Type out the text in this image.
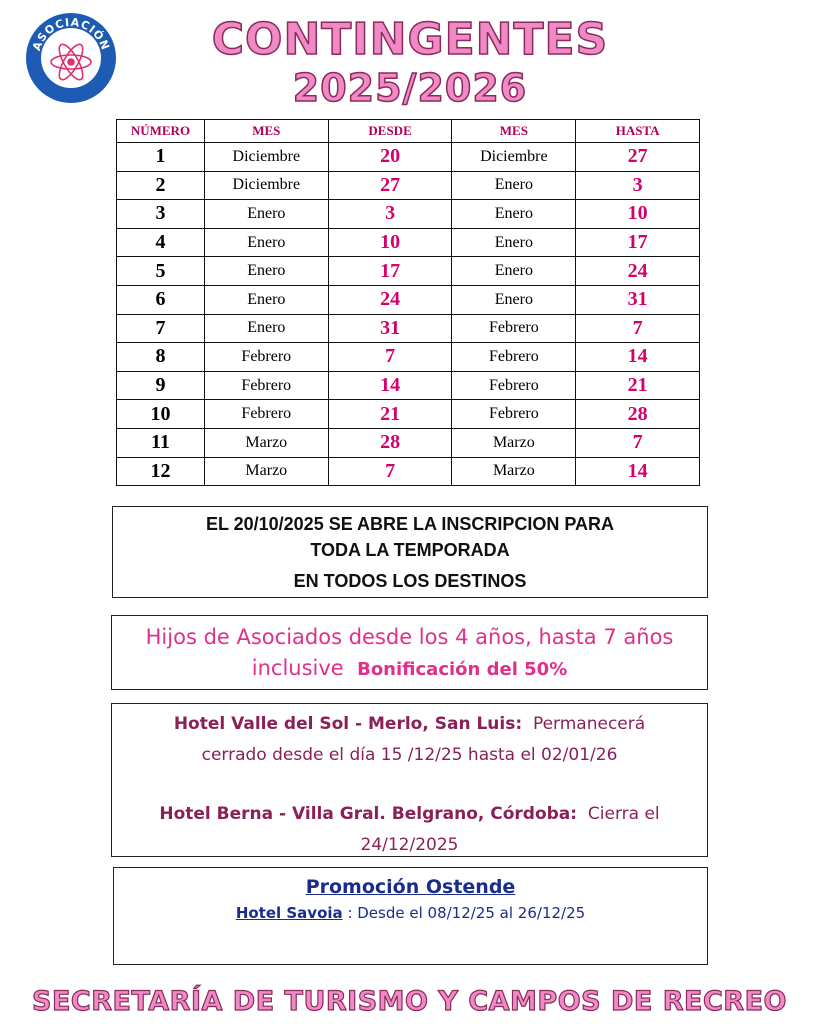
ASOCIACIÓN	CONTINGENTES
2025/2026
NÚMERO	MES	DESDE	MES	HASTA
1	Diciembre	20	Diciembre	27
2	Diciembre	27	Enero	3
3	Enero	3	Enero	10
4	Enero	10	Enero	17
5	Enero	17	Enero	24
6	Enero	24	Enero	31
7	Enero	31	Febrero	7
8	Febrero	7	Febrero	14
9	Febrero	14	Febrero	21
10	Febrero	21	Febrero	28
11	Marzo	28	Marzo	7
12	Marzo	7	Marzo	14
EL 20/10/2025 SE ABRE LA INSCRIPCION PARA
TODA LA TEMPORADA
EN TODOS LOS DESTINOS
Hijos de Asociados desde los 4 años, hasta 7 años
inclusive Bonificación del 50%
Hotel Valle del Sol - Merlo, San Luis: Permanecerá
cerrado desde el día 15 /12/25 hasta el 02/01/26
Hotel Berna - Villa Gral. Belgrano, Córdoba: Cierra el
24/12/2025
Promoción Ostende
Hotel Savoia : Desde el 08/12/25 al 26/12/25
SECRETARÍA DE TURISMO Y CAMPOS DE RECREO
